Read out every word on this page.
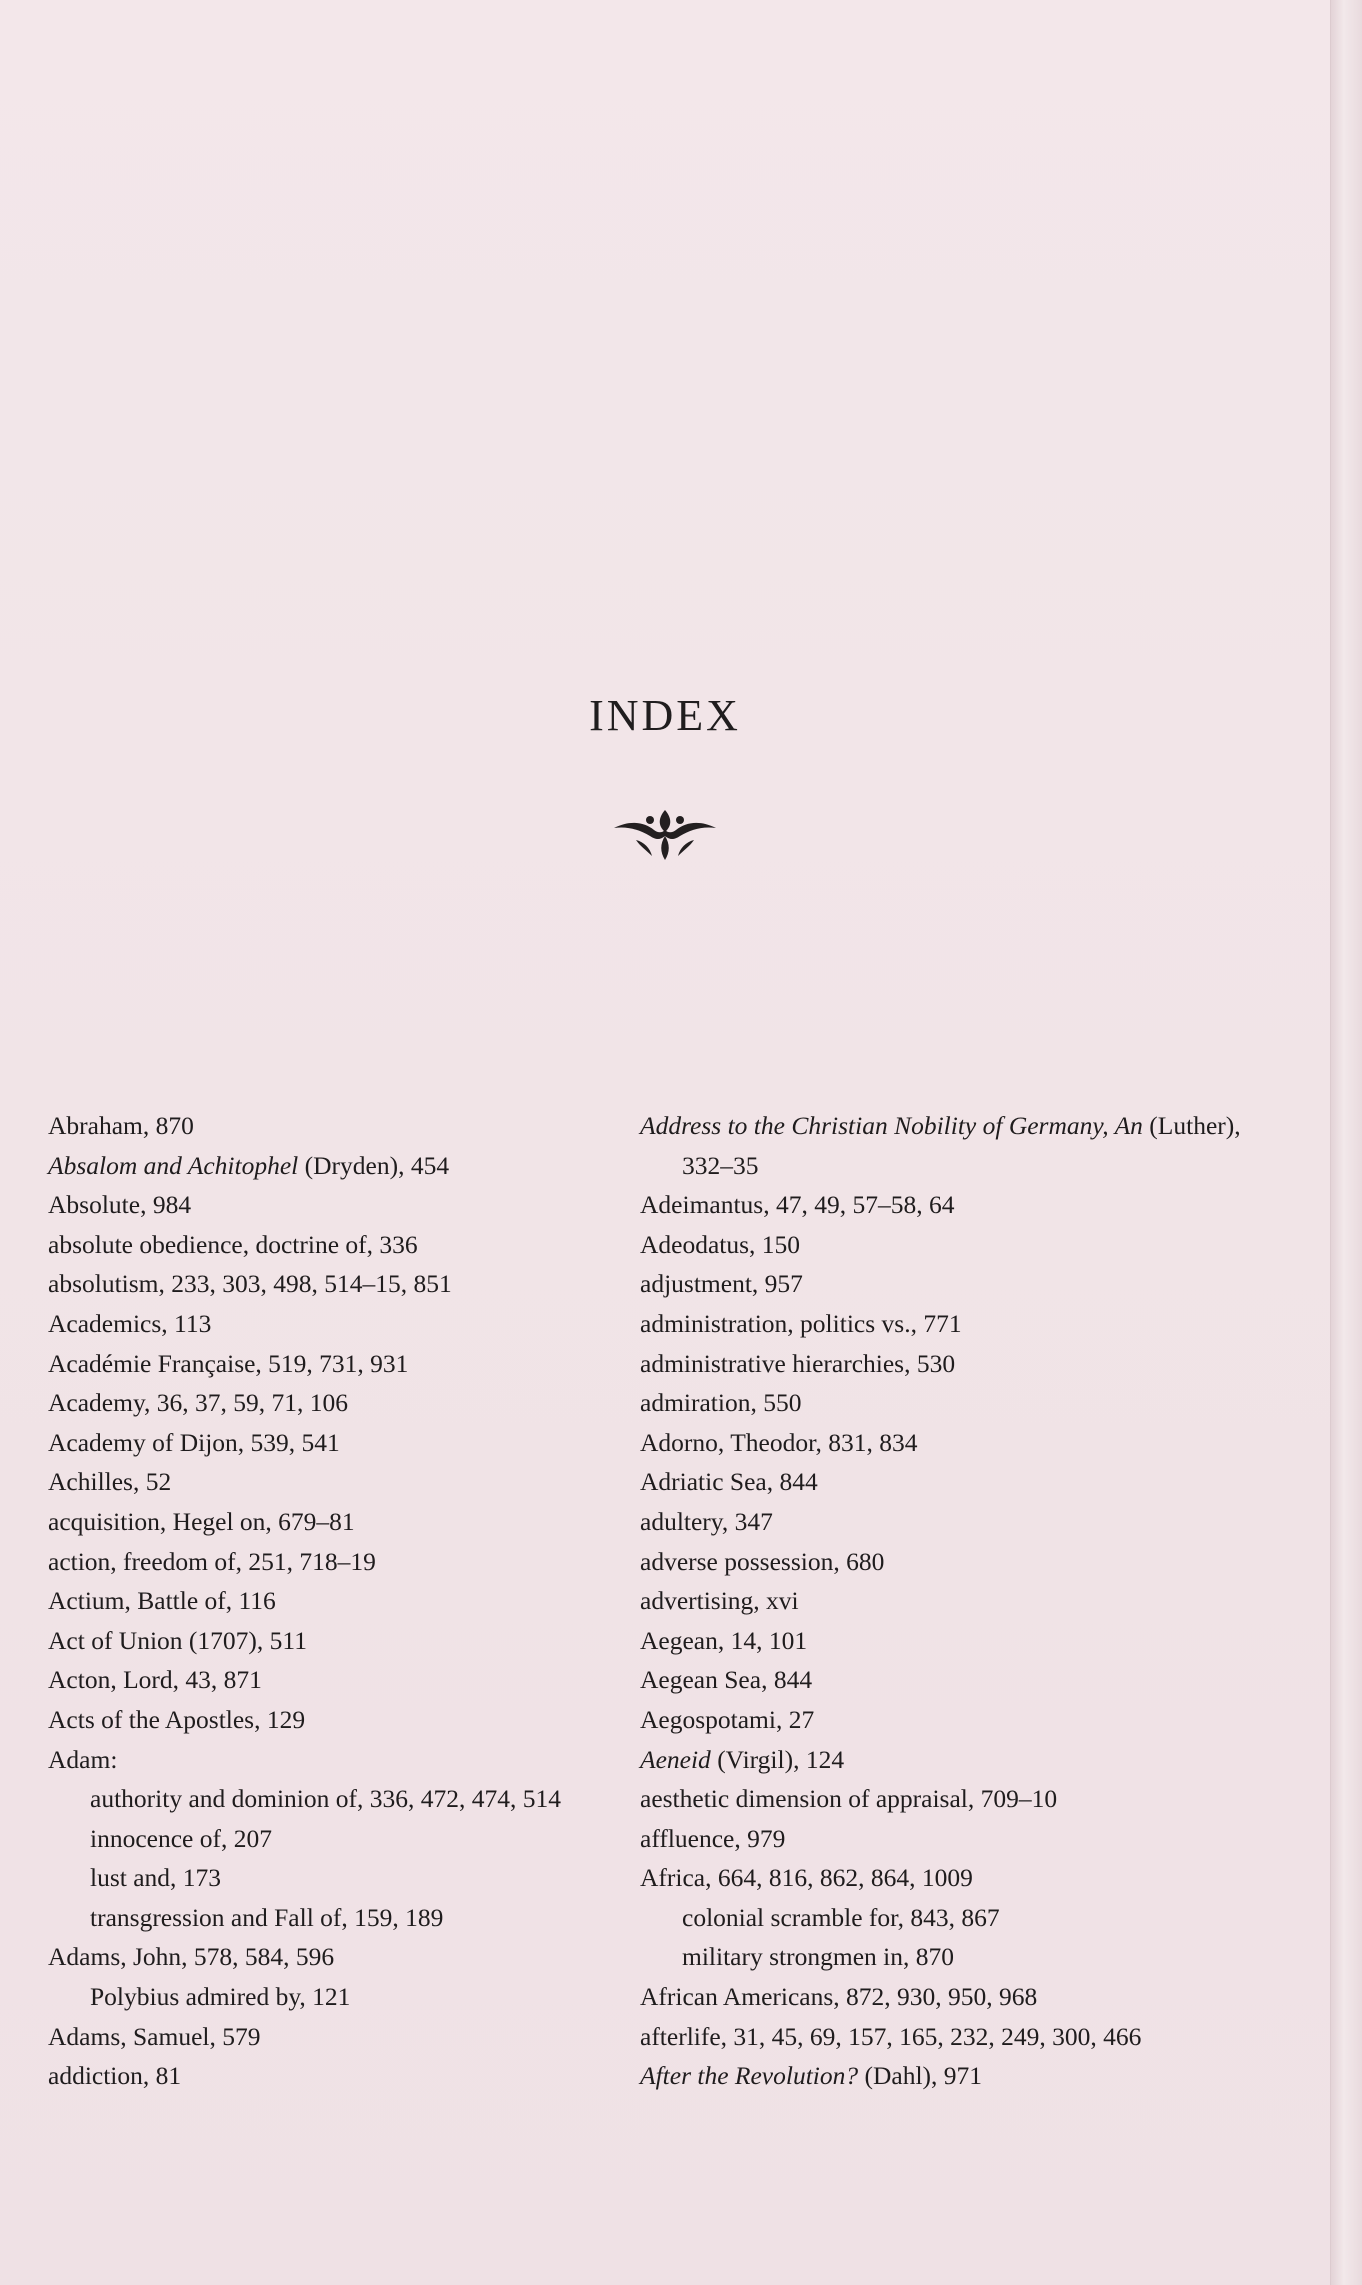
INDEX
Abraham, 870
Absalom and Achitophel (Dryden), 454
Absolute, 984
absolute obedience, doctrine of, 336
absolutism, 233, 303, 498, 514–15, 851
Academics, 113
Académie Française, 519, 731, 931
Academy, 36, 37, 59, 71, 106
Academy of Dijon, 539, 541
Achilles, 52
acquisition, Hegel on, 679–81
action, freedom of, 251, 718–19
Actium, Battle of, 116
Act of Union (1707), 511
Acton, Lord, 43, 871
Acts of the Apostles, 129
Adam:
authority and dominion of, 336, 472, 474, 514
innocence of, 207
lust and, 173
transgression and Fall of, 159, 189
Adams, John, 578, 584, 596
Polybius admired by, 121
Adams, Samuel, 579
addiction, 81
Address to the Christian Nobility of Germany, An (Luther), 332–35
Adeimantus, 47, 49, 57–58, 64
Adeodatus, 150
adjustment, 957
administration, politics vs., 771
administrative hierarchies, 530
admiration, 550
Adorno, Theodor, 831, 834
Adriatic Sea, 844
adultery, 347
adverse possession, 680
advertising, xvi
Aegean, 14, 101
Aegean Sea, 844
Aegospotami, 27
Aeneid (Virgil), 124
aesthetic dimension of appraisal, 709–10
affluence, 979
Africa, 664, 816, 862, 864, 1009
colonial scramble for, 843, 867
military strongmen in, 870
African Americans, 872, 930, 950, 968
afterlife, 31, 45, 69, 157, 165, 232, 249, 300, 466
After the Revolution? (Dahl), 971
